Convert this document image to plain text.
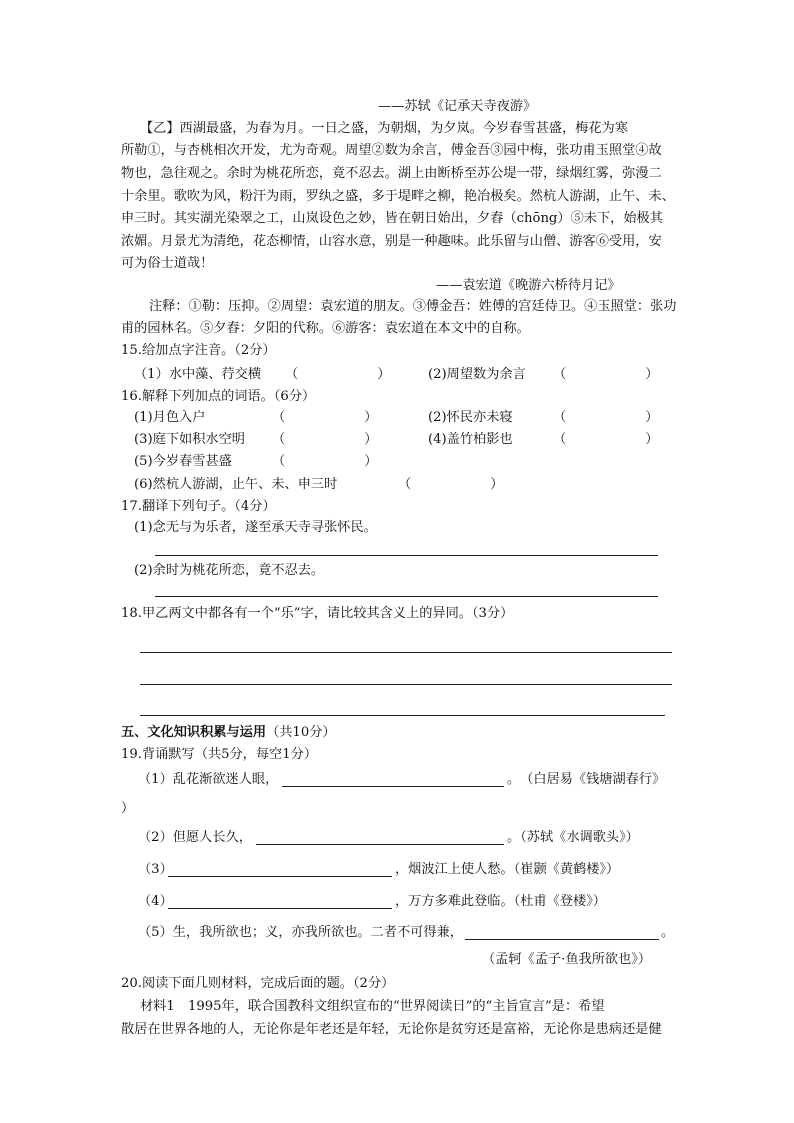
——苏轼《记承天寺夜游》
【乙】西湖最盛，为春为月。一日之盛，为朝烟，为夕岚。今岁春雪甚盛，梅花为寒
所勒①，与杏桃相次开发，尤为奇观。周望②数为余言，傅金吾③园中梅，张功甫玉照堂④故
物也，急往观之。余时为桃花所恋，竟不忍去。湖上由断桥至苏公堤一带，绿烟红雾，弥漫二
十余里。歌吹为风，粉汗为雨，罗纨之盛，多于堤畔之柳，艳冶极矣。然杭人游湖，止午、未、
申三时。其实湖光染翠之工，山岚设色之妙，皆在朝日始出，夕舂（chōng）⑤未下，始极其
浓媚。月景尤为清绝，花态柳情，山容水意，别是一种趣味。此乐留与山僧、游客⑥受用，安
可为俗士道哉！
——袁宏道《晚游六桥待月记》
注释：①勒：压抑。②周望：袁宏道的朋友。③傅金吾：姓傅的宫廷侍卫。④玉照堂：张功
甫的园林名。⑤夕舂：夕阳的代称。⑥游客：袁宏道在本文中的自称。
15.给加点字注音。（2分）
（1）水中藻、荇交横 （　　　　　　）	(2)周望数为余言 （　　　　　　）
16.解释下列加点的词语。（6分）
(1)月色入户	（　　　　　　）	(2)怀民亦未寝	（　　　　　　）
(3)庭下如积水空明 （　　　　　　）	(4)盖竹柏影也	（　　　　　　）
(5)今岁春雪甚盛	（　　　　　　）
(6)然杭人游湖，止午、未、申三时	（　　　　　　）
17.翻译下列句子。（4分）
(1)念无与为乐者，遂至承天寺寻张怀民。
(2)余时为桃花所恋，竟不忍去。
18.甲乙两文中都各有一个“乐”字，请比较其含义上的异同。（3分）
五、文化知识积累与运用（共10分）
19.背诵默写（共5分，每空1分）
（1）乱花渐欲迷人眼，	。　（白居易《钱塘湖春行》
）
（2）但愿人长久，	。（苏轼《水调歌头》）
（3）	，烟波江上使人愁。（崔颢《黄鹤楼》）
（4）	，万方多难此登临。（杜甫《登楼》）
（5）生，我所欲也；义，亦我所欲也。二者不可得兼，	。
（孟轲《孟子·鱼我所欲也》）
20.阅读下面几则材料，完成后面的题。（2分）
材料1　1995年，联合国教科文组织宣布的“世界阅读日”的“主旨宣言”是：希望
散居在世界各地的人，无论你是年老还是年轻，无论你是贫穷还是富裕，无论你是患病还是健
